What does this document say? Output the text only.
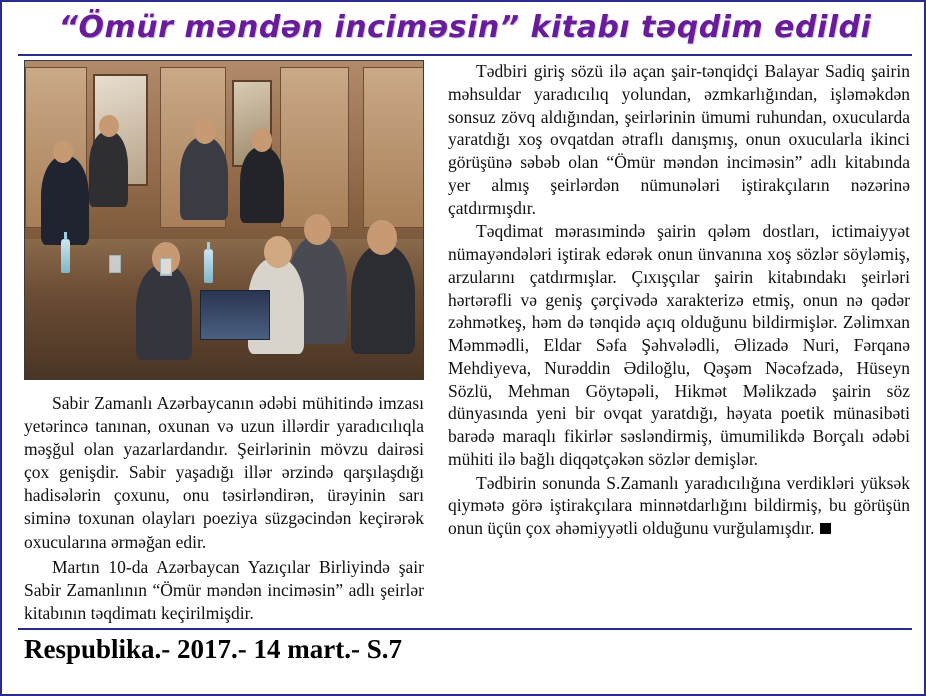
“Ömür məndən inciməsin” kitabı təqdim edildi

Sabir Zamanlı Azərbaycanın ədəbi mühitində imzası yetərincə tanınan, oxunan və uzun illərdir yaradıcılıqla məşğul olan yazarlardandır. Şeirlərinin mövzu dairəsi çox genişdir. Sabir yaşadığı illər ərzində qarşılaşdığı hadisələrin çoxunu, onu təsirləndirən, ürəyinin sarı siminə toxunan olayları poeziya süzgəcindən keçirərək oxucularına ərməğan edir.

Martın 10-da Azərbaycan Yazıçılar Birliyində şair Sabir Zamanlının “Ömür məndən inciməsin” adlı şeirlər kitabının təqdimatı keçirilmişdir.

Tədbiri giriş sözü ilə açan şair-tənqidçi Balayar Sadiq şairin məhsuldar yaradıcılıq yolundan, əzmkarlığından, işləməkdən sonsuz zövq aldığından, şeirlərinin ümumi ruhundan, oxucularda yaratdığı xoş ovqatdan ətraflı danışmış, onun oxucularla ikinci görüşünə səbəb olan “Ömür məndən inciməsin” adlı kitabında yer almış şeirlərdən nümunələri iştirakçıların nəzərinə çatdırmışdır.

Təqdimat mərasımində şairin qələm dostları, ictimaiyyət nümayəndələri iştirak edərək onun ünvanına xoş sözlər söyləmiş, arzularını çatdırmışlar. Çıxışçılar şairin kitabındakı şeirləri hərtərəfli və geniş çərçivədə xarakterizə etmiş, onun nə qədər zəhmətkeş, həm də tənqidə açıq olduğunu bildirmişlər. Zəlimxan Məmmədli, Eldar Səfa Şəhvələdli, Əlizadə Nuri, Fərqanə Mehdiyeva, Nurəddin Ədiloğlu, Qəşəm Nəcəfzadə, Hüseyn Sözlü, Mehman Göytəpəli, Hikmət Məlikzadə şairin söz dünyasında yeni bir ovqat yaratdığı, həyata poetik münasibəti barədə maraqlı fikirlər səsləndirmiş, ümumilikdə Borçalı ədəbi mühiti ilə bağlı diqqətçəkən sözlər demişlər.

Tədbirin sonunda S.Zamanlı yaradıcılığına verdikləri yüksək qiymətə görə iştirakçılara minnətdarlığını bildirmiş, bu görüşün onun üçün çox əhəmiyyətli olduğunu vurğulamışdır.

Respublika.- 2017.- 14 mart.- S.7
